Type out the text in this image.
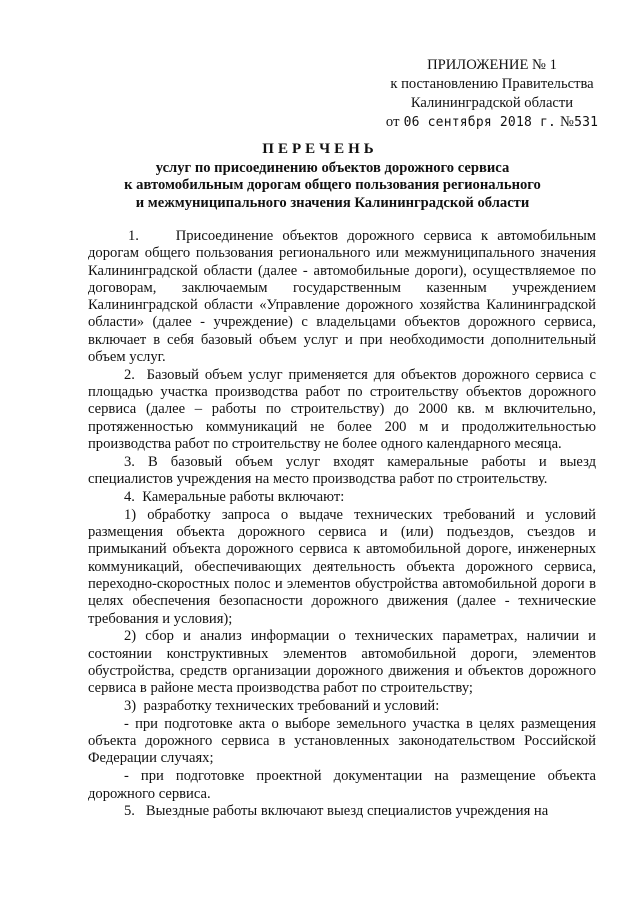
ПРИЛОЖЕНИЕ № 1
к постановлению Правительства
Калининградской области
от 06 сентября 2018 г. №531
ПЕРЕЧЕНЬ
услуг по присоединению объектов дорожного сервиса
к автомобильным дорогам общего пользования регионального
и межмуниципального значения Калининградской области

1.    Присоединение объектов дорожного сервиса к автомобильным дорогам общего пользования регионального или межмуниципального значения Калининградской области (далее - автомобильные дороги), осуществляемое по договорам, заключаемым государственным казенным учреждением Калининградской области «Управление дорожного хозяйства Калининградской области» (далее - учреждение) с владельцами объектов дорожного сервиса, включает в себя базовый объем услуг и при необходимости дополнительный объем услуг.

2.  Базовый объем услуг применяется для объектов дорожного сервиса с площадью участка производства работ по строительству объектов дорожного сервиса (далее – работы по строительству) до 2000 кв. м включительно, протяженностью коммуникаций не более 200 м и продолжительностью производства работ по строительству не более одного календарного месяца.

3. В базовый объем услуг входят камеральные работы и выезд специалистов учреждения на место производства работ по строительству.

4.  Камеральные работы включают:

1) обработку запроса о выдаче технических требований и условий размещения объекта дорожного сервиса и (или) подъездов, съездов и примыканий объекта дорожного сервиса к автомобильной дороге, инженерных коммуникаций, обеспечивающих деятельность объекта дорожного сервиса, переходно-скоростных полос и элементов обустройства автомобильной дороги в целях обеспечения безопасности дорожного движения (далее - технические требования и условия);

2) сбор и анализ информации о технических параметрах, наличии и состоянии конструктивных элементов автомобильной дороги, элементов обустройства, средств организации дорожного движения и объектов дорожного сервиса в районе места производства работ по строительству;

3)  разработку технических требований и условий:

- при подготовке акта о выборе земельного участка в целях размещения объекта дорожного сервиса в установленных законодательством Российской Федерации случаях;

- при подготовке проектной документации на размещение объекта дорожного сервиса.

5.   Выездные работы включают выезд специалистов учреждения на
